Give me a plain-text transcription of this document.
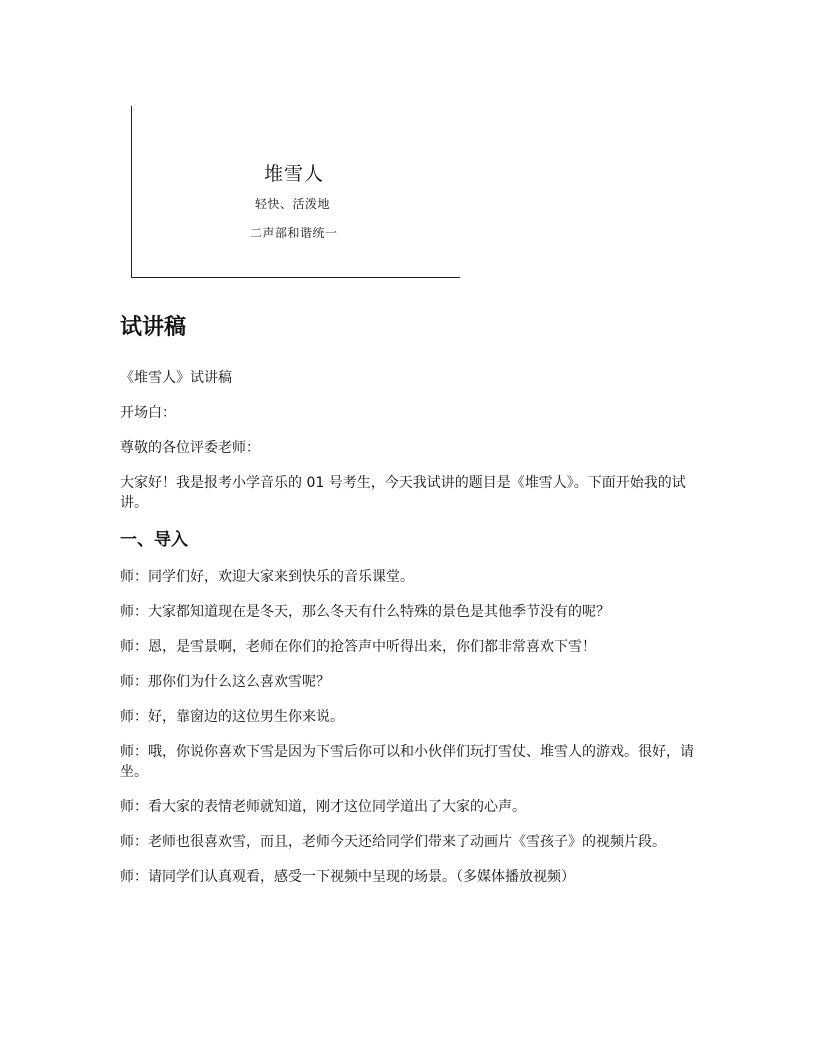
堆雪人
轻快、活泼地
二声部和谐统一
试讲稿

《堆雪人》试讲稿

开场白：

尊敬的各位评委老师：

大家好！我是报考小学音乐的 01 号考生，今天我试讲的题目是《堆雪人》。下面开始我的试讲。

一、导入

师：同学们好，欢迎大家来到快乐的音乐课堂。

师：大家都知道现在是冬天，那么冬天有什么特殊的景色是其他季节没有的呢？

师：恩，是雪景啊，老师在你们的抢答声中听得出来，你们都非常喜欢下雪！

师：那你们为什么这么喜欢雪呢？

师：好，靠窗边的这位男生你来说。

师：哦，你说你喜欢下雪是因为下雪后你可以和小伙伴们玩打雪仗、堆雪人的游戏。很好，请坐。

师：看大家的表情老师就知道，刚才这位同学道出了大家的心声。

师：老师也很喜欢雪，而且，老师今天还给同学们带来了动画片《雪孩子》的视频片段。

师：请同学们认真观看，感受一下视频中呈现的场景。（多媒体播放视频）
